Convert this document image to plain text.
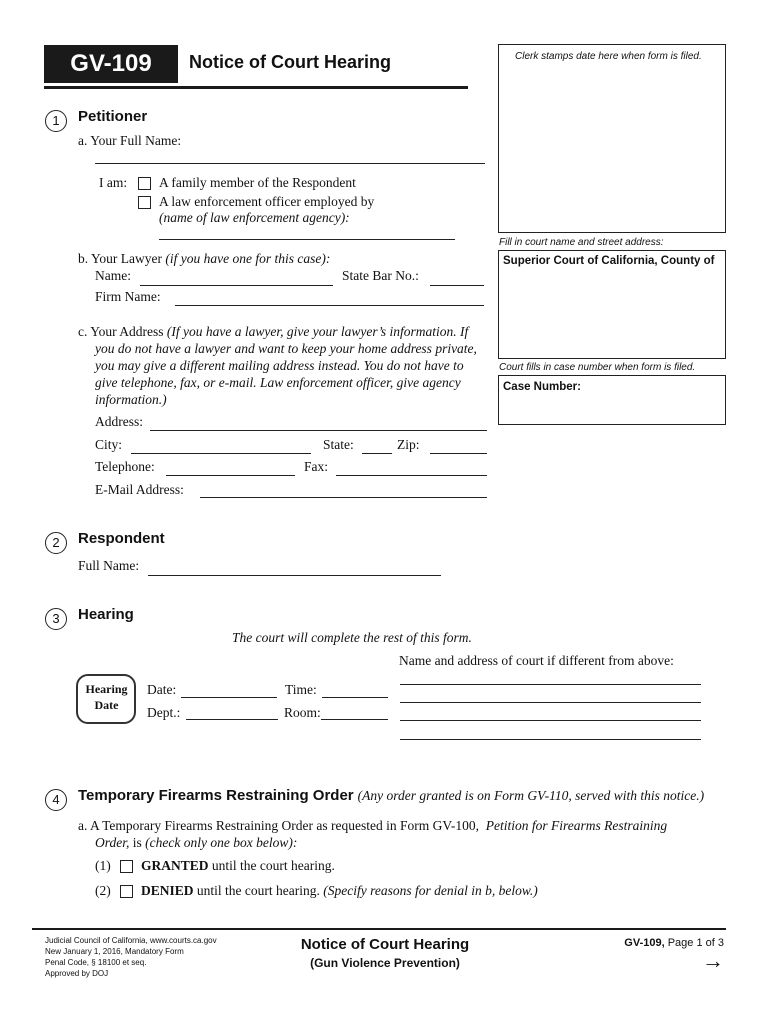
GV-109	Notice of Court Hearing	Clerk stamps date here when form is filed.
Fill in court name and street address:
Superior Court of California, County of
Court fills in case number when form is filed.
Case Number:
1	Petitioner
a. Your Full Name:
I am: A family member of the Respondent
A law enforcement officer employed by
(name of law enforcement agency):
b. Your Lawyer (if you have one for this case):
Name:	State Bar No.:
Firm Name:
c. Your Address (If you have a lawyer, give your lawyer’s information. If
you do not have a lawyer and want to keep your home address private,
you may give a different mailing address instead. You do not have to
give telephone, fax, or e-mail. Law enforcement officer, give agency
information.)
Address:
City:	State:	Zip:
Telephone:	Fax:
E-Mail Address:
2	Respondent
Full Name:
3	Hearing
The court will complete the rest of this form.
Name and address of court if different from above:
Hearing
Date
Date:	Time:
Dept.:	Room:
4	Temporary Firearms Restraining Order (Any order granted is on Form GV-110, served with this notice.)
a. A Temporary Firearms Restraining Order as requested in Form GV-100, Petition for Firearms Restraining
Order, is (check only one box below):
(1) GRANTED until the court hearing.
(2) DENIED until the court hearing. (Specify reasons for denial in b, below.)
Judicial Council of California, www.courts.ca.gov
New January 1, 2016, Mandatory Form
Penal Code, § 18100 et seq.
Approved by DOJ
Notice of Court Hearing
(Gun Violence Prevention)
GV-109, Page 1 of 3
→
